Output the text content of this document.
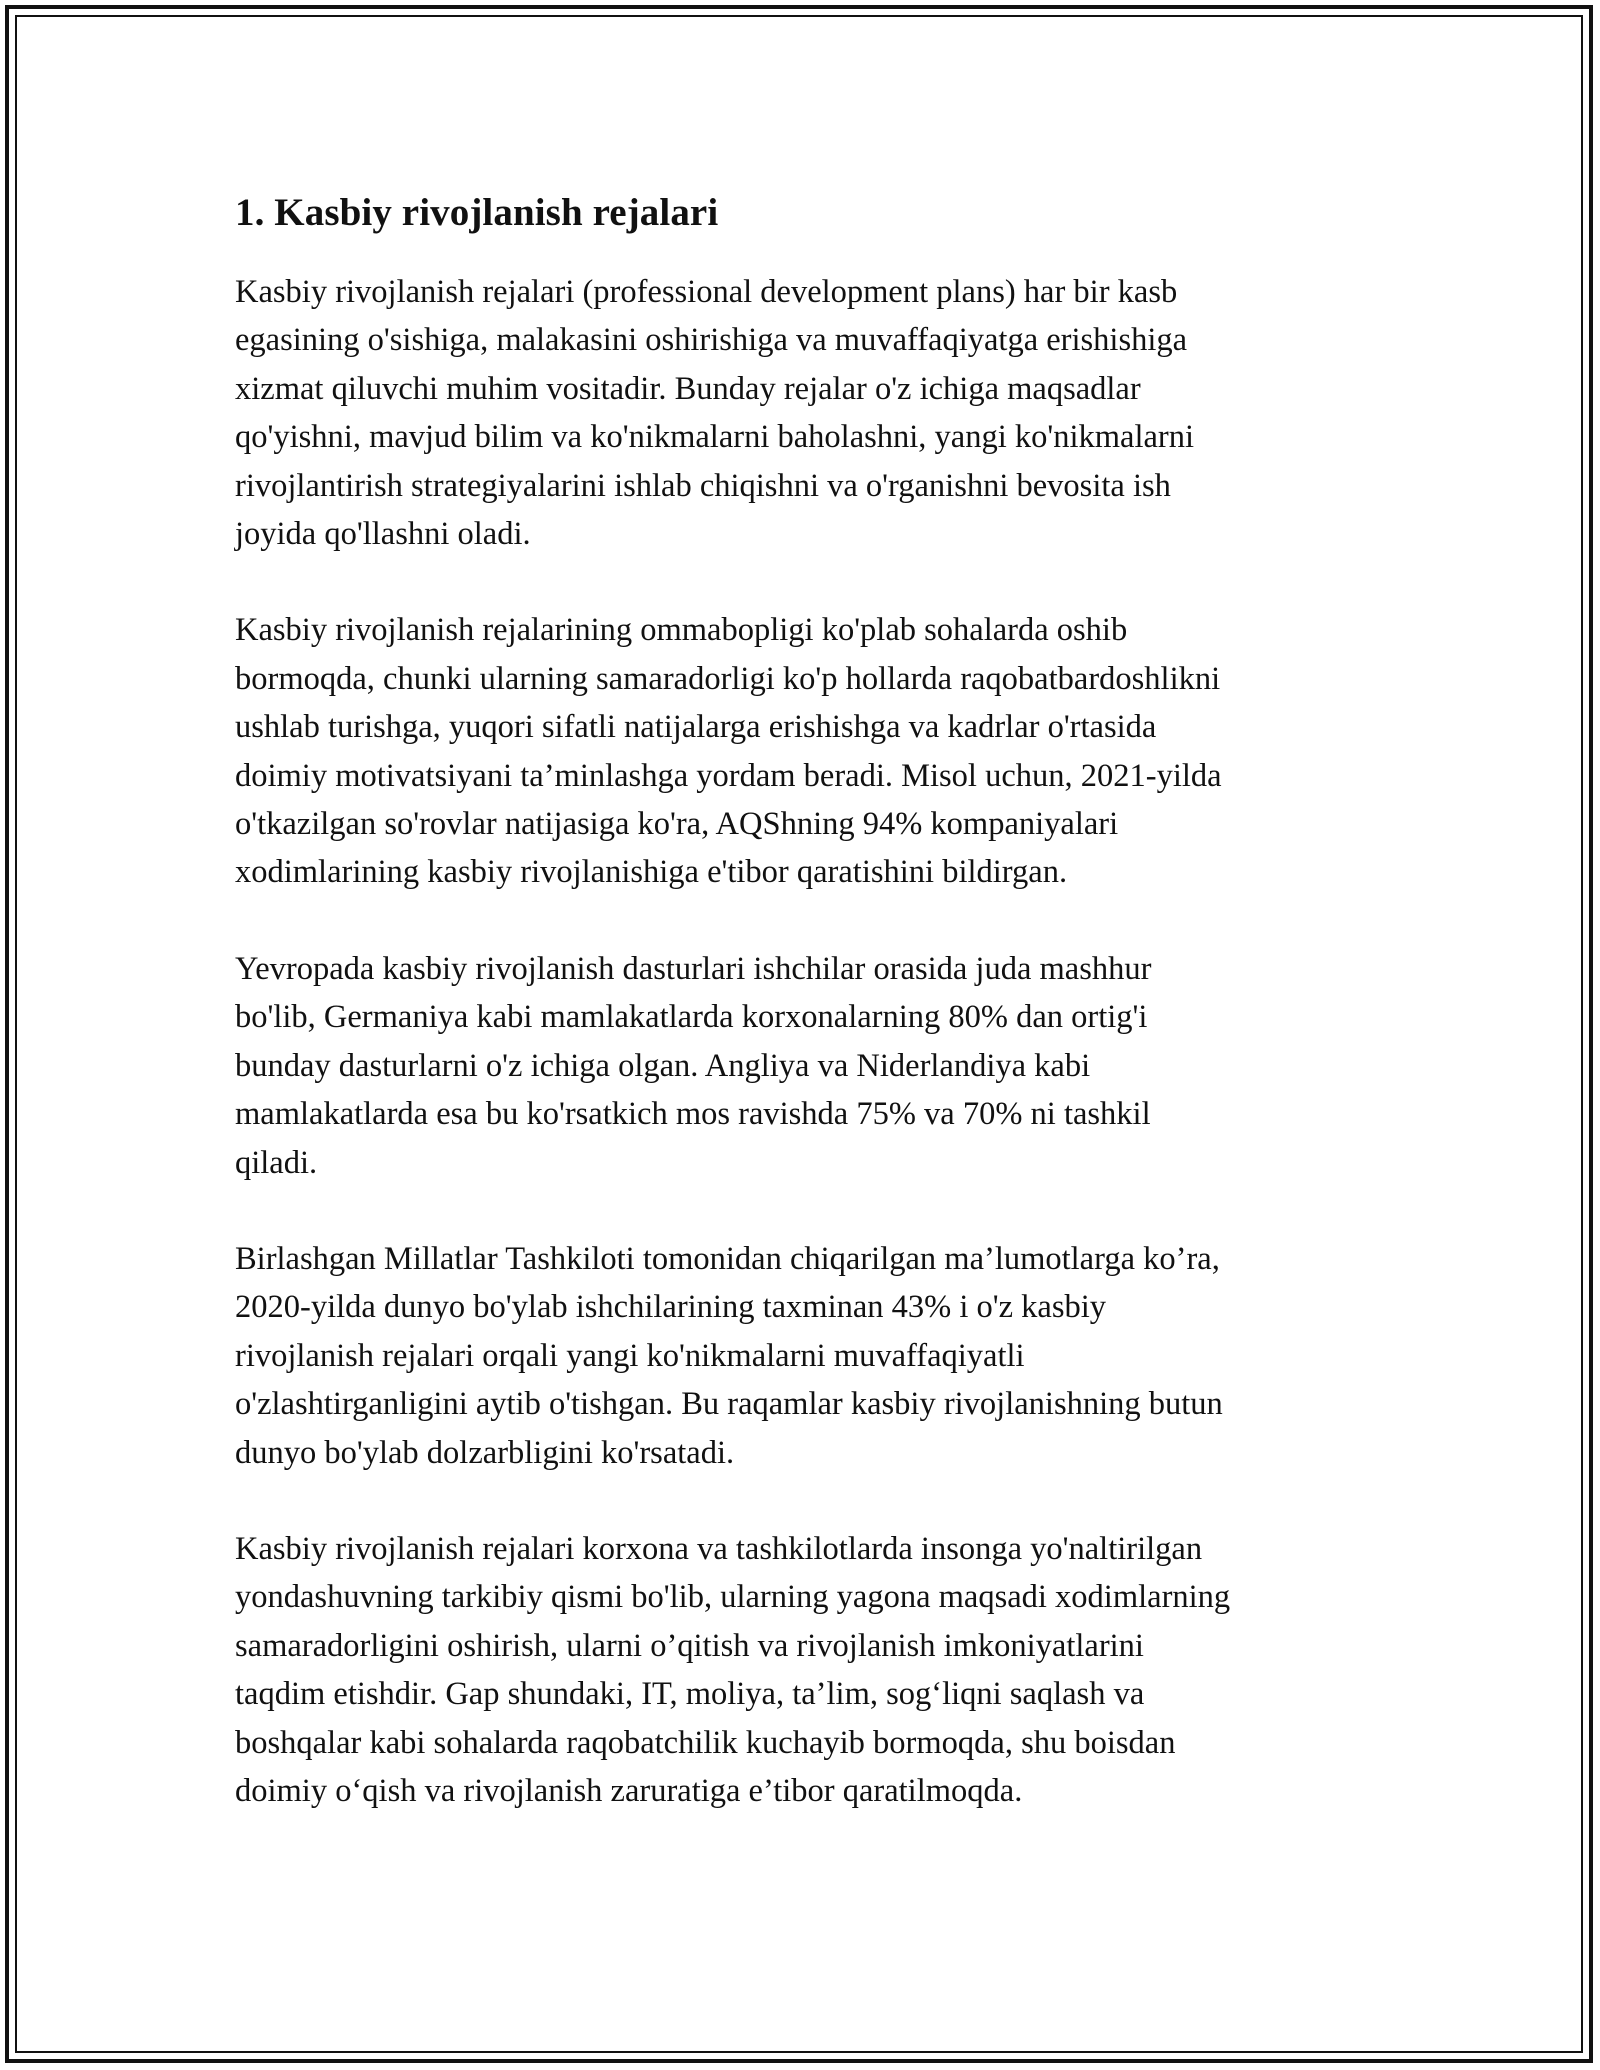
1. Kasbiy rivojlanish rejalari

Kasbiy rivojlanish rejalari (professional development plans) har bir kasb
egasining o'sishiga, malakasini oshirishiga va muvaffaqiyatga erishishiga
xizmat qiluvchi muhim vositadir. Bunday rejalar o'z ichiga maqsadlar
qo'yishni, mavjud bilim va ko'nikmalarni baholashni, yangi ko'nikmalarni
rivojlantirish strategiyalarini ishlab chiqishni va o'rganishni bevosita ish
joyida qo'llashni oladi.

Kasbiy rivojlanish rejalarining ommabopligi ko'plab sohalarda oshib
bormoqda, chunki ularning samaradorligi ko'p hollarda raqobatbardoshlikni
ushlab turishga, yuqori sifatli natijalarga erishishga va kadrlar o'rtasida
doimiy motivatsiyani ta’minlashga yordam beradi. Misol uchun, 2021-yilda
o'tkazilgan so'rovlar natijasiga ko'ra, AQShning 94% kompaniyalari
xodimlarining kasbiy rivojlanishiga e'tibor qaratishini bildirgan.

Yevropada kasbiy rivojlanish dasturlari ishchilar orasida juda mashhur
bo'lib, Germaniya kabi mamlakatlarda korxonalarning 80% dan ortig'i
bunday dasturlarni o'z ichiga olgan. Angliya va Niderlandiya kabi
mamlakatlarda esa bu ko'rsatkich mos ravishda 75% va 70% ni tashkil
qiladi.

Birlashgan Millatlar Tashkiloti tomonidan chiqarilgan ma’lumotlarga ko’ra,
2020-yilda dunyo bo'ylab ishchilarining taxminan 43% i o'z kasbiy
rivojlanish rejalari orqali yangi ko'nikmalarni muvaffaqiyatli
o'zlashtirganligini aytib o'tishgan. Bu raqamlar kasbiy rivojlanishning butun
dunyo bo'ylab dolzarbligini ko'rsatadi.

Kasbiy rivojlanish rejalari korxona va tashkilotlarda insonga yo'naltirilgan
yondashuvning tarkibiy qismi bo'lib, ularning yagona maqsadi xodimlarning
samaradorligini oshirish, ularni o’qitish va rivojlanish imkoniyatlarini
taqdim etishdir. Gap shundaki, IT, moliya, ta’lim, sog‘liqni saqlash va
boshqalar kabi sohalarda raqobatchilik kuchayib bormoqda, shu boisdan
doimiy o‘qish va rivojlanish zaruratiga e’tibor qaratilmoqda.
